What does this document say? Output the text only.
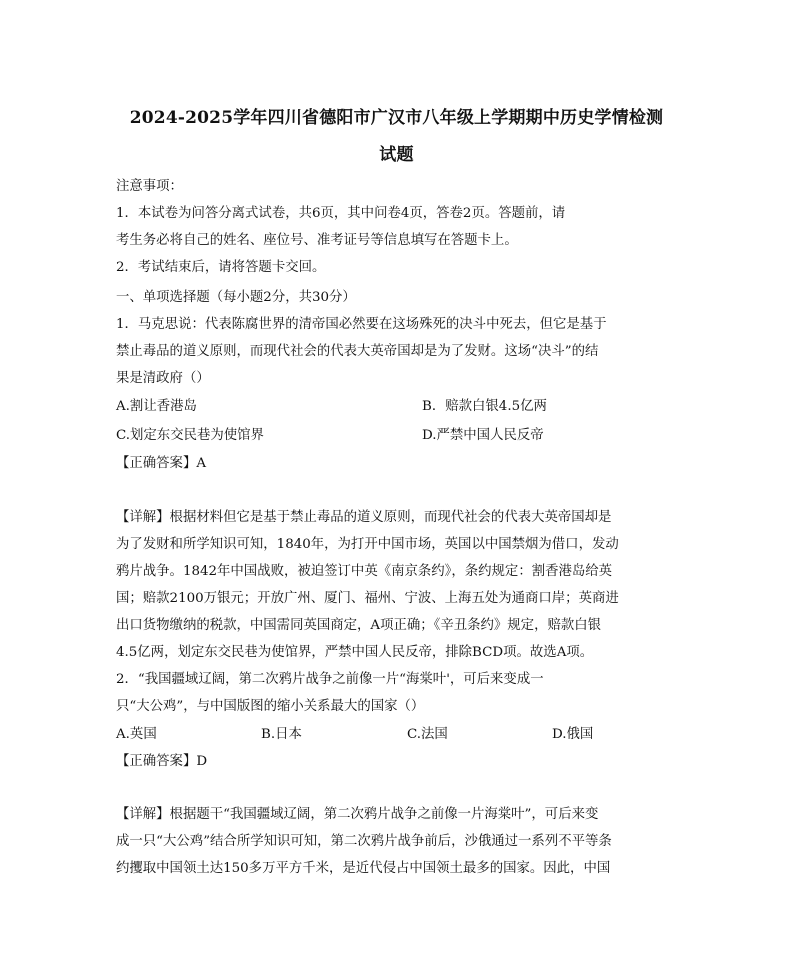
2024-2025学年四川省德阳市广汉市八年级上学期期中历史学情检测
试题
注意事项：
1．本试卷为问答分离式试卷，共6页，其中问卷4页，答卷2页。答题前，请
考生务必将自己的姓名、座位号、准考证号等信息填写在答题卡上。
2．考试结束后，请将答题卡交回。
一、单项选择题（每小题2分，共30分）
1．马克思说：代表陈腐世界的清帝国必然要在这场殊死的决斗中死去，但它是基于
禁止毒品的道义原则，而现代社会的代表大英帝国却是为了发财。这场“决斗”的结
果是清政府（）
A.割让香港岛	B．赔款白银4.5亿两
C.划定东交民巷为使馆界	D.严禁中国人民反帝
【正确答案】A
【详解】根据材料但它是基于禁止毒品的道义原则，而现代社会的代表大英帝国却是
为了发财和所学知识可知，1840年，为打开中国市场，英国以中国禁烟为借口，发动
鸦片战争。1842年中国战败，被迫签订中英《南京条约》，条约规定：割香港岛给英
国；赔款2100万银元；开放广州、厦门、福州、宁波、上海五处为通商口岸；英商进
出口货物缴纳的税款，中国需同英国商定，A项正确；《辛丑条约》规定，赔款白银
4.5亿两，划定东交民巷为使馆界，严禁中国人民反帝，排除BCD项。故选A项。
2．“我国疆域辽阔，第二次鸦片战争之前像一片“海棠叶'，可后来变成一
只“大公鸡”，与中国版图的缩小关系最大的国家（）
A.英国	B.日本	C.法国	D.俄国
【正确答案】D
【详解】根据题干“我国疆域辽阔，第二次鸦片战争之前像一片海棠叶”，可后来变
成一只“大公鸡”结合所学知识可知，第二次鸦片战争前后，沙俄通过一系列不平等条
约攫取中国领土达150多万平方千米，是近代侵占中国领土最多的国家。因此，中国
